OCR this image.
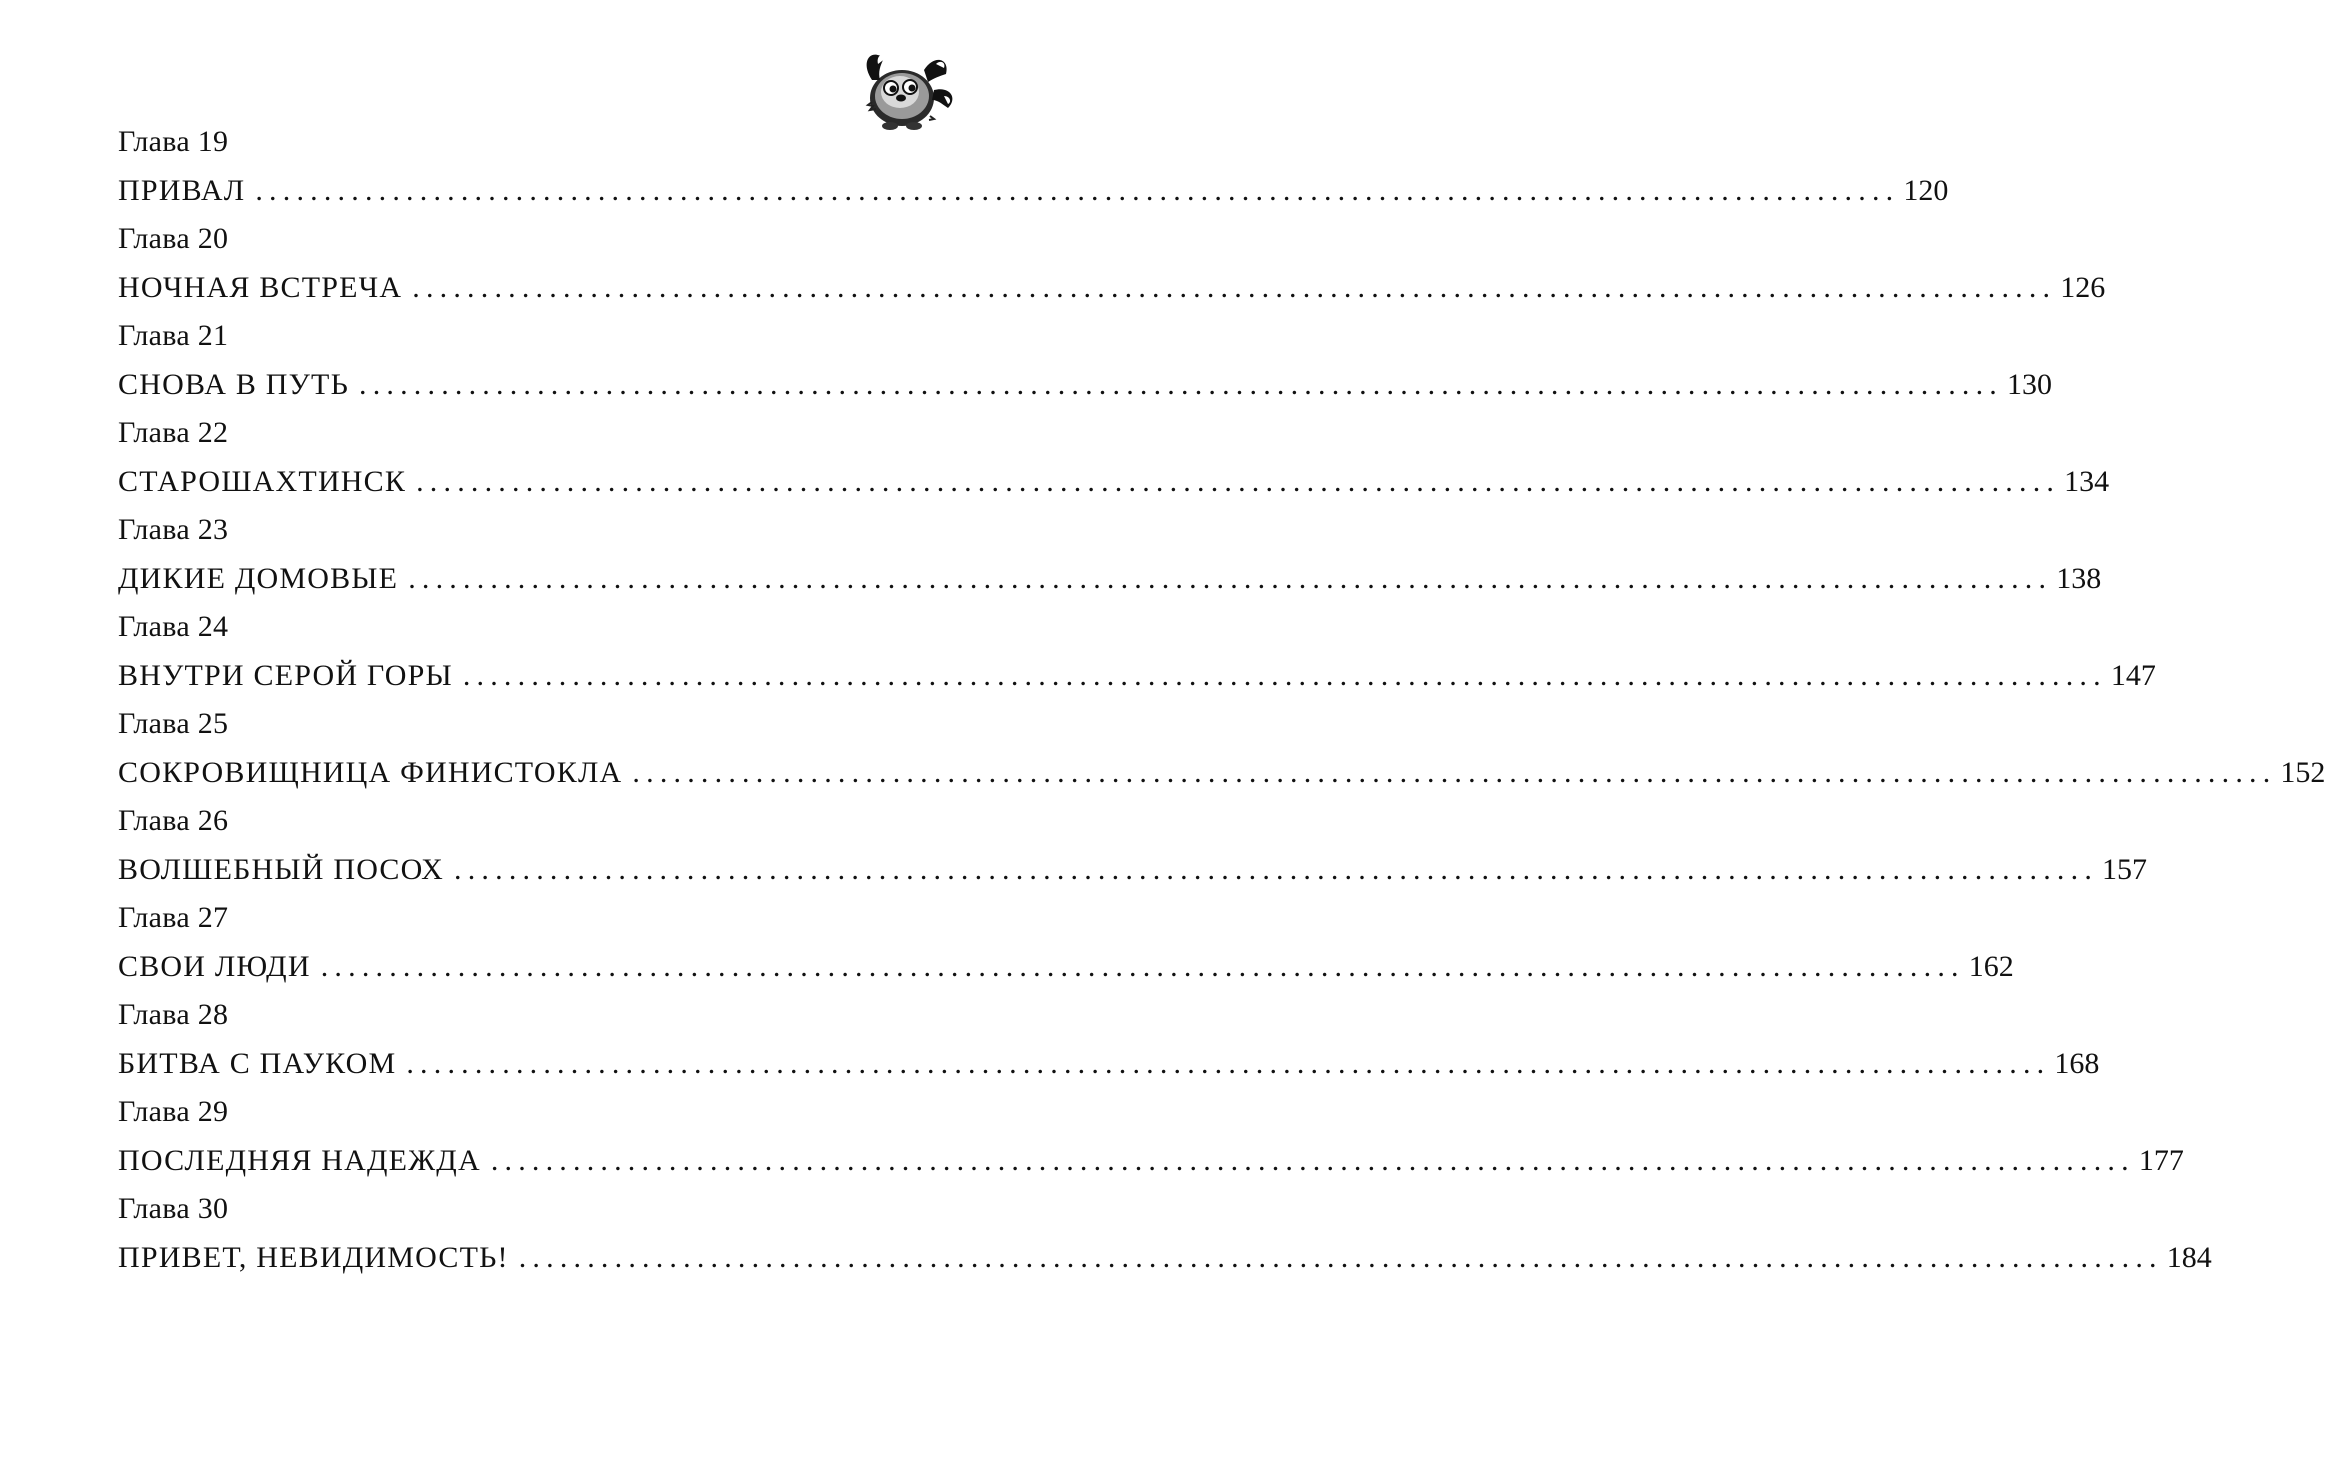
Глава 19
ПРИВАЛ ........................................................................................................................ 120
Глава 20
НОЧНАЯ ВСТРЕЧА ........................................................................................................................ 126
Глава 21
СНОВА В ПУТЬ ........................................................................................................................ 130
Глава 22
СТАРОШАХТИНСК ........................................................................................................................ 134
Глава 23
ДИКИЕ ДОМОВЫЕ ........................................................................................................................ 138
Глава 24
ВНУТРИ СЕРОЙ ГОРЫ ........................................................................................................................ 147
Глава 25
СОКРОВИЩНИЦА ФИНИСТОКЛА ........................................................................................................................ 152
Глава 26
ВОЛШЕБНЫЙ ПОСОХ ........................................................................................................................ 157
Глава 27
СВОИ ЛЮДИ ........................................................................................................................ 162
Глава 28
БИТВА С ПАУКОМ ........................................................................................................................ 168
Глава 29
ПОСЛЕДНЯЯ НАДЕЖДА ........................................................................................................................ 177
Глава 30
ПРИВЕТ, НЕВИДИМОСТЬ! ........................................................................................................................ 184
